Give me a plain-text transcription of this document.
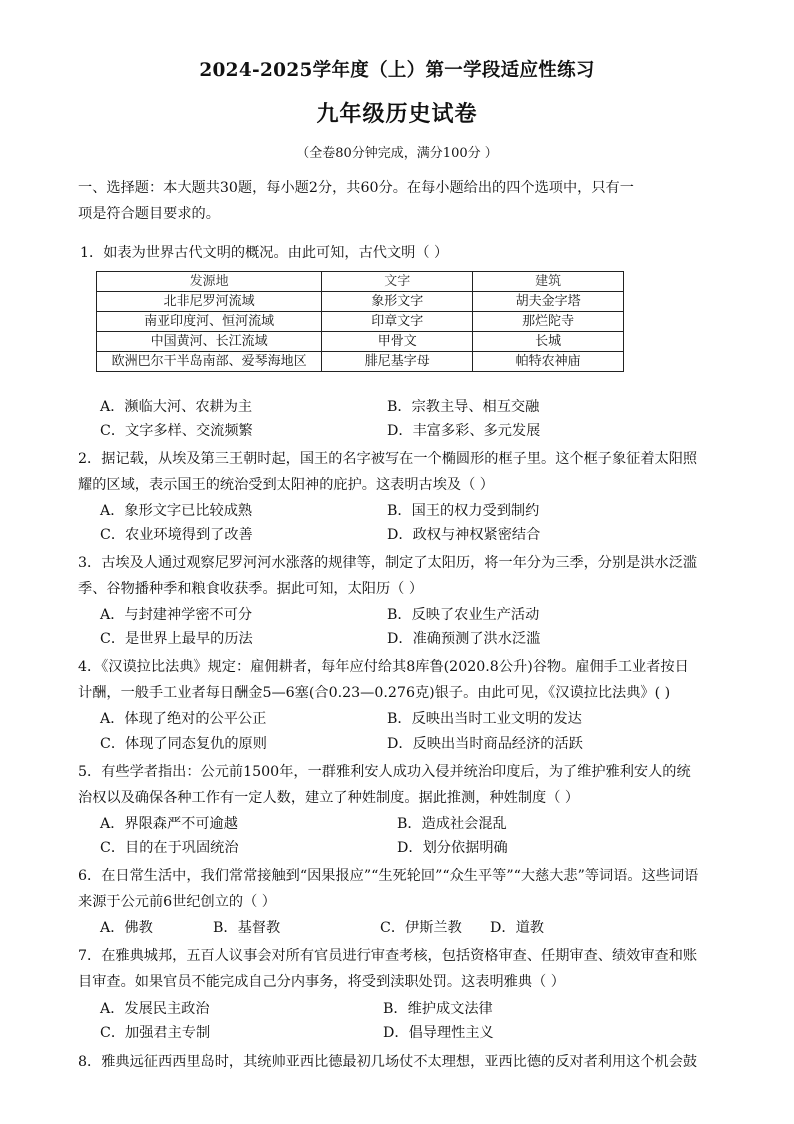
2024-2025学年度（上）第一学段适应性练习
九年级历史试卷
（全卷80分钟完成，满分100分 ）
一、选择题：本大题共30题，每小题2分，共60分。在每小题给出的四个选项中，只有一
项是符合题目要求的。
1．如表为世界古代文明的概况。由此可知，古代文明（ ）
发源地	文字	建筑
北非尼罗河流域	象形文字	胡夫金字塔
南亚印度河、恒河流域	印章文字	那烂陀寺
中国黄河、长江流域	甲骨文	长城
欧洲巴尔干半岛南部、爱琴海地区	腓尼基字母	帕特农神庙
A．濒临大河、农耕为主	B．宗教主导、相互交融
C．文字多样、交流频繁	D．丰富多彩、多元发展
2．据记载，从埃及第三王朝时起，国王的名字被写在一个椭圆形的框子里。这个框子象征着太阳照
耀的区域，表示国王的统治受到太阳神的庇护。这表明古埃及（ ）
A．象形文字已比较成熟	B．国王的权力受到制约
C．农业环境得到了改善	D．政权与神权紧密结合
3．古埃及人通过观察尼罗河河水涨落的规律等，制定了太阳历，将一年分为三季，分别是洪水泛滥
季、谷物播种季和粮食收获季。据此可知，太阳历（ ）
A．与封建神学密不可分	B．反映了农业生产活动
C．是世界上最早的历法	D．准确预测了洪水泛滥
4．《汉谟拉比法典》规定：雇佣耕者，每年应付给其8库鲁(2020.8公升)谷物。雇佣手工业者按日
计酬，一般手工业者每日酬金5—6塞(合0.23—0.276克)银子。由此可见，《汉谟拉比法典》( )
A．体现了绝对的公平公正	B．反映出当时工业文明的发达
C．体现了同态复仇的原则	D．反映出当时商品经济的活跃
5．有些学者指出：公元前1500年，一群雅利安人成功入侵并统治印度后，为了维护雅利安人的统
治权以及确保各种工作有一定人数，建立了种姓制度。据此推测，种姓制度（ ）
A．界限森严不可逾越	B．造成社会混乱
C．目的在于巩固统治	D．划分依据明确
6．在日常生活中，我们常常接触到“因果报应”“生死轮回”“众生平等”“大慈大悲”等词语。这些词语
来源于公元前6世纪创立的（ ）
A．佛教	B．基督教	C．伊斯兰教 D．道教
7．在雅典城邦，五百人议事会对所有官员进行审查考核，包括资格审查、任期审查、绩效审查和账
目审查。如果官员不能完成自己分内事务，将受到渎职处罚。这表明雅典（ ）
A．发展民主政治	B．维护成文法律
C．加强君主专制	D．倡导理性主义
8．雅典远征西西里岛时，其统帅亚西比德最初几场仗不太理想，亚西比德的反对者利用这个机会鼓
